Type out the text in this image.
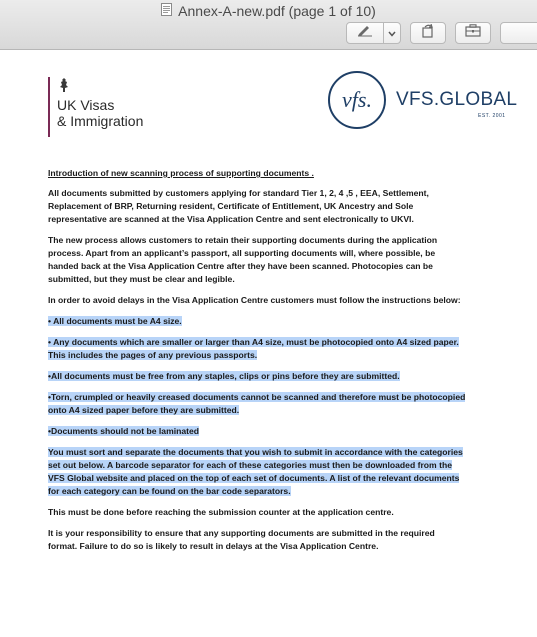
Annex-A-new.pdf (page 1 of 10)
UK Visas
& Immigration
vfs.	VFS.GLOBAL
EST. 2001
Introduction of new scanning process of supporting documents .

All documents submitted by customers applying for standard Tier 1, 2, 4 ,5 , EEA, Settlement, Replacement of BRP, Returning resident, Certificate of Entitlement, UK Ancestry and Sole representative are scanned at the Visa Application Centre and sent electronically to UKVI.

The new process allows customers to retain their supporting documents during the application process. Apart from an applicant’s passport, all supporting documents will, where possible, be handed back at the Visa Application Centre after they have been scanned. Photocopies can be submitted, but they must be clear and legible.

In order to avoid delays in the Visa Application Centre customers must follow the instructions below:

• All documents must be A4 size.

• Any documents which are smaller or larger than A4 size, must be photocopied onto A4 sized paper. This includes the pages of any previous passports.

•All documents must be free from any staples, clips or pins before they are submitted.

•Torn, crumpled or heavily creased documents cannot be scanned and therefore must be photocopied onto A4 sized paper before they are submitted.

•Documents should not be laminated

You must sort and separate the documents that you wish to submit in accordance with the categories set out below. A barcode separator for each of these categories must then be downloaded from the VFS Global website and placed on the top of each set of documents. A list of the relevant documents for each category can be found on the bar code separators.

This must be done before reaching the submission counter at the application centre.

It is your responsibility to ensure that any supporting documents are submitted in the required format. Failure to do so is likely to result in delays at the Visa Application Centre.
